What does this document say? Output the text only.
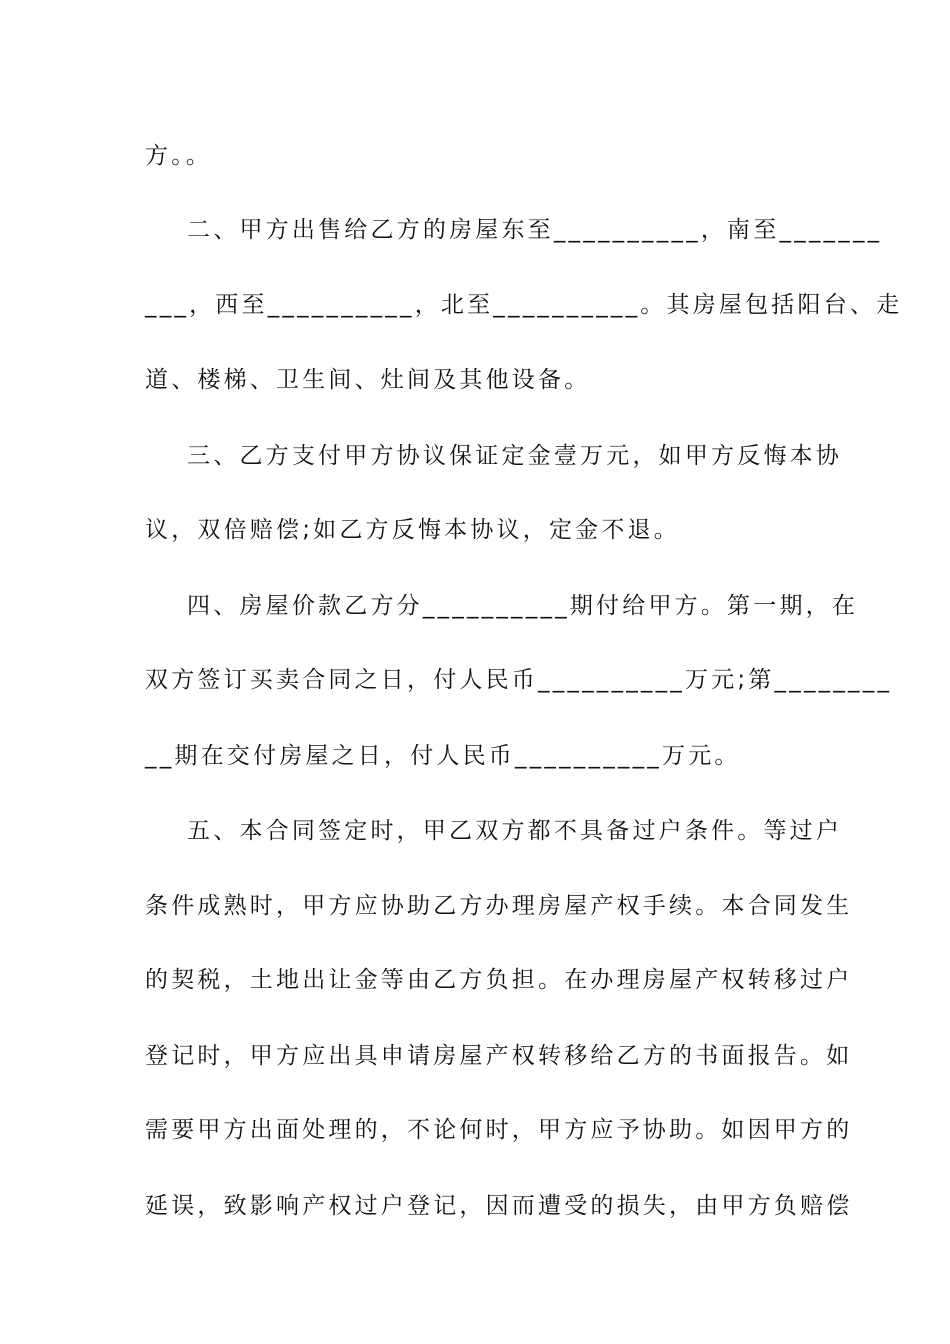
方。。
二、甲方出售给乙方的房屋东至__________，南至_______
___，西至__________，北至__________。其房屋包括阳台、走
道、楼梯、卫生间、灶间及其他设备。
三、乙方支付甲方协议保证定金壹万元，如甲方反悔本协
议，双倍赔偿;如乙方反悔本协议，定金不退。
四、房屋价款乙方分__________期付给甲方。第一期，在
双方签订买卖合同之日，付人民币__________万元;第________
__期在交付房屋之日，付人民币__________万元。
五、本合同签定时，甲乙双方都不具备过户条件。等过户
条件成熟时，甲方应协助乙方办理房屋产权手续。本合同发生
的契税，土地出让金等由乙方负担。在办理房屋产权转移过户
登记时，甲方应出具申请房屋产权转移给乙方的书面报告。如
需要甲方出面处理的，不论何时，甲方应予协助。如因甲方的
延误，致影响产权过户登记，因而遭受的损失，由甲方负赔偿
